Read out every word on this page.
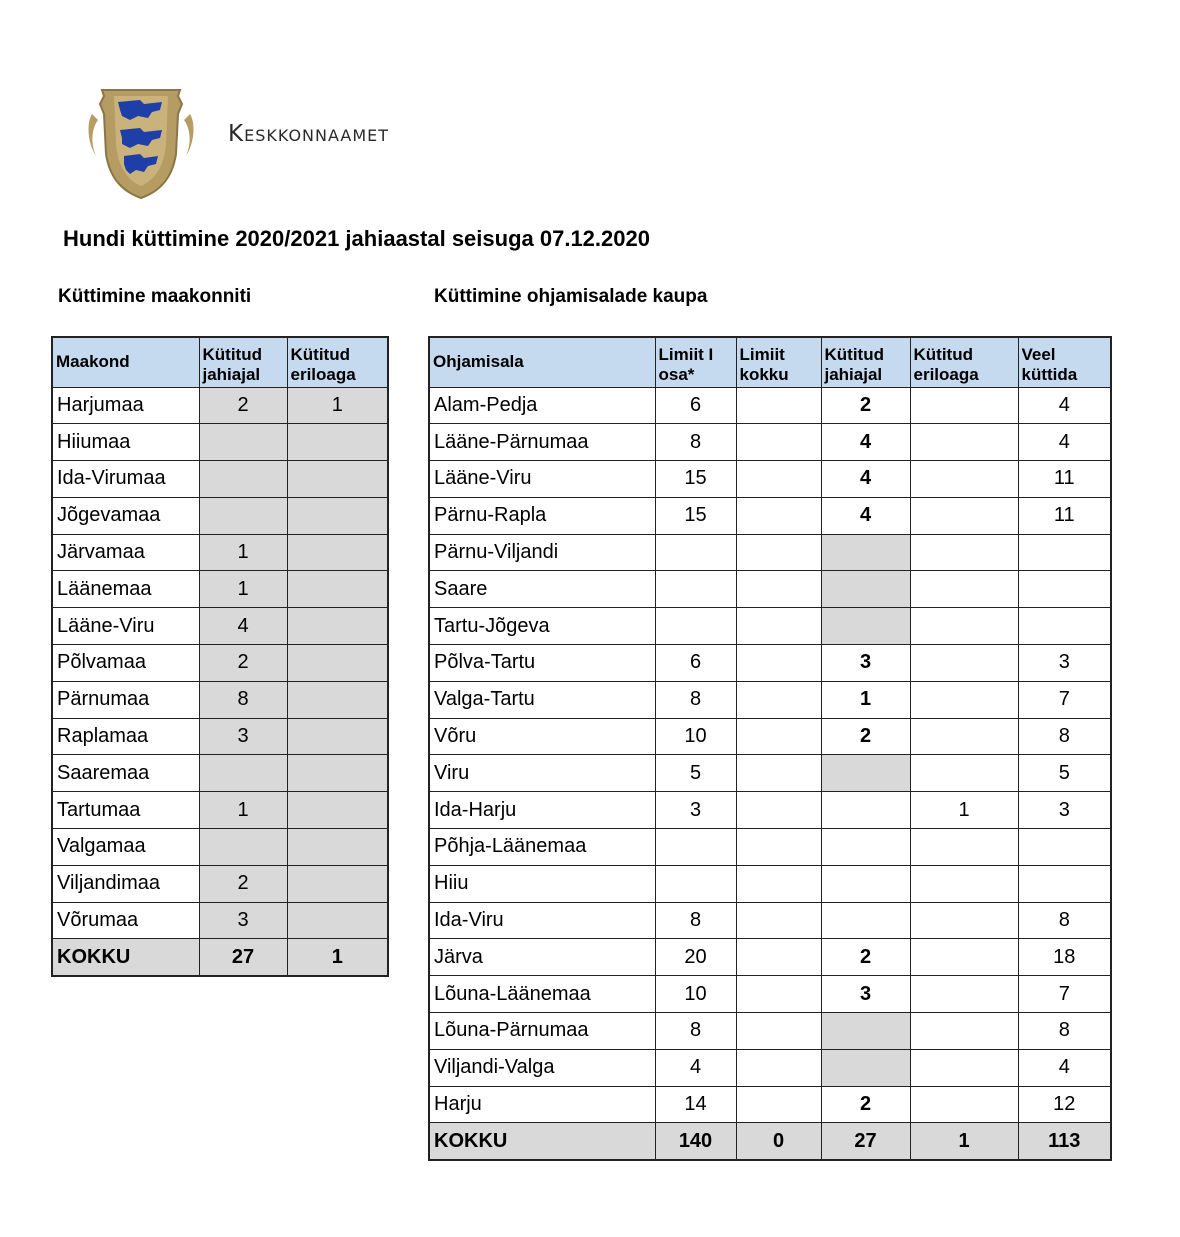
Keskkonnaamet
Hundi küttimine 2020/2021 jahiaastal seisuga 07.12.2020
Küttimine maakonniti	Küttimine ohjamisalade kaupa
Maakond	Kütitud jahiajal	Kütitud eriloaga
Harjumaa	2	1
Hiiumaa		
Ida-Virumaa		
Jõgevamaa		
Järvamaa	1	
Läänemaa	1	
Lääne-Viru	4	
Põlvamaa	2	
Pärnumaa	8	
Raplamaa	3	
Saaremaa		
Tartumaa	1	
Valgamaa		
Viljandimaa	2	
Võrumaa	3	
KOKKU	27	1
Ohjamisala	Limiit I osa*	Limiit kokku	Kütitud jahiajal	Kütitud eriloaga	Veel küttida
Alam-Pedja	6		2		4
Lääne-Pärnumaa	8		4		4
Lääne-Viru	15		4		11
Pärnu-Rapla	15		4		11
Pärnu-Viljandi					
Saare					
Tartu-Jõgeva					
Põlva-Tartu	6		3		3
Valga-Tartu	8		1		7
Võru	10		2		8
Viru	5				5
Ida-Harju	3			1	3
Põhja-Läänemaa					
Hiiu					
Ida-Viru	8				8
Järva	20		2		18
Lõuna-Läänemaa	10		3		7
Lõuna-Pärnumaa	8				8
Viljandi-Valga	4				4
Harju	14		2		12
KOKKU	140	0	27	1	113
